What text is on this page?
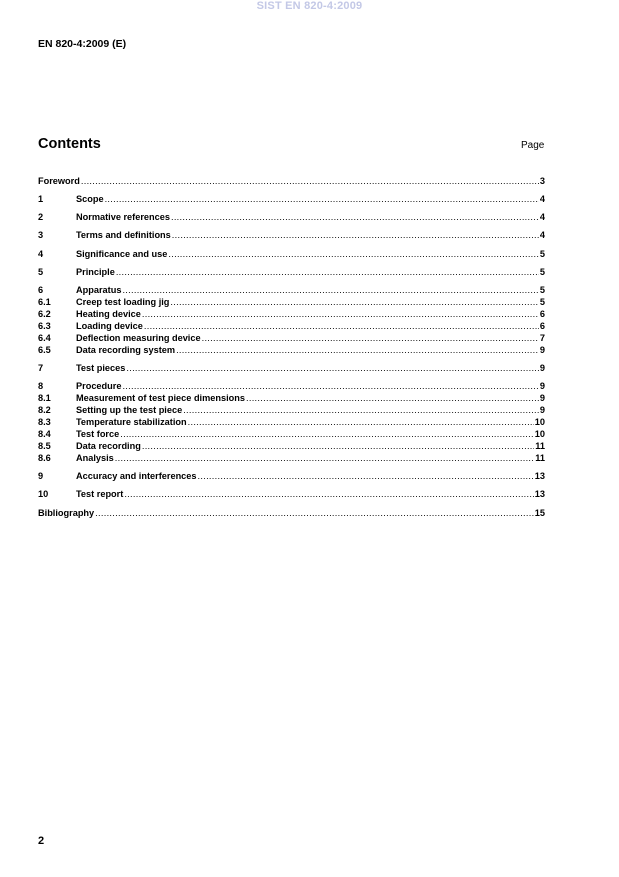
SIST EN 820-4:2009
EN 820-4:2009 (E)
Contents	Page
Foreword .....	3
1	Scope .....	4
2	Normative references .....	4
3	Terms and definitions .....	4
4	Significance and use .....	5
5	Principle .....	5
6	Apparatus .....	5
6.1	Creep test loading jig .....	5
6.2	Heating device .....	6
6.3	Loading device .....	6
6.4	Deflection measuring device .....	7
6.5	Data recording system .....	9
7	Test pieces .....	9
8	Procedure .....	9
8.1	Measurement of test piece dimensions .....	9
8.2	Setting up the test piece .....	9
8.3	Temperature stabilization .....	10
8.4	Test force .....	10
8.5	Data recording .....	11
8.6	Analysis .....	11
9	Accuracy and interferences .....	13
10	Test report .....	13
Bibliography .....	15
2
